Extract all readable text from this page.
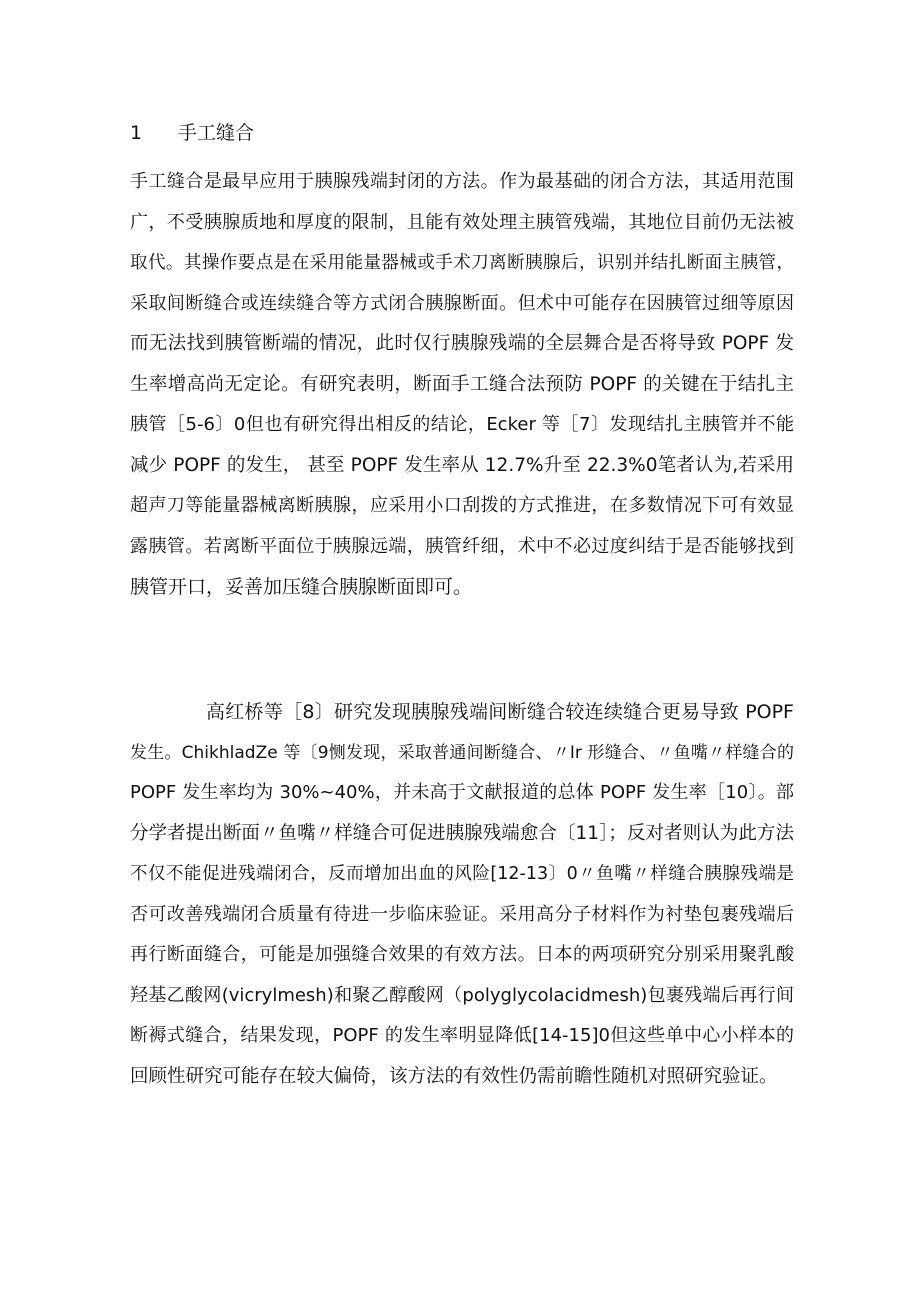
1 手工缝合
手工缝合是最早应用于胰腺残端封闭的方法。作为最基础的闭合方法，其适用范围
广，不受胰腺质地和厚度的限制，且能有效处理主胰管残端，其地位目前仍无法被
取代。其操作要点是在采用能量器械或手术刀离断胰腺后，识别并结扎断面主胰管，
采取间断缝合或连续缝合等方式闭合胰腺断面。但术中可能存在因胰管过细等原因
而无法找到胰管断端的情况，此时仅行胰腺残端的全层舞合是否将导致 POPF 发
生率增高尚无定论。有研究表明，断面手工缝合法预防 POPF 的关键在于结扎主
胰管［5-6〕0但也有研究得出相反的结论，Ecker 等［7〕发现结扎主胰管并不能
减少 POPF 的发生， 甚至 POPF 发生率从 12.7%升至 22.3%0笔者认为,若采用
超声刀等能量器械离断胰腺，应采用小口刮拨的方式推进，在多数情况下可有效显
露胰管。若离断平面位于胰腺远端，胰管纤细，术中不必过度纠结于是否能够找到
胰管开口，妥善加压缝合胰腺断面即可。
高红桥等［8〕研究发现胰腺残端间断缝合较连续缝合更易导致 POPF
发生。ChikhladZe 等〔9恻发现，采取普通间断缝合、〃Ir 形缝合、〃鱼嘴〃样缝合的
POPF 发生率均为 30%~40%，并未高于文献报道的总体 POPF 发生率［10〕。部
分学者提出断面〃鱼嘴〃样缝合可促进胰腺残端愈合〔11］；反对者则认为此方法
不仅不能促进残端闭合，反而增加出血的风险[12-13〕0〃鱼嘴〃样缝合胰腺残端是
否可改善残端闭合质量有待进一步临床验证。采用高分子材料作为衬垫包裹残端后
再行断面缝合，可能是加强缝合效果的有效方法。日本的两项研究分别采用聚乳酸
羟基乙酸网(vicrylmesh)和聚乙醇酸网（polyglycolacidmesh)包裹残端后再行间
断褥式缝合，结果发现，POPF 的发生率明显降低[14-15]0但这些单中心小样本的
回顾性研究可能存在较大偏倚，该方法的有效性仍需前瞻性随机对照研究验证。
